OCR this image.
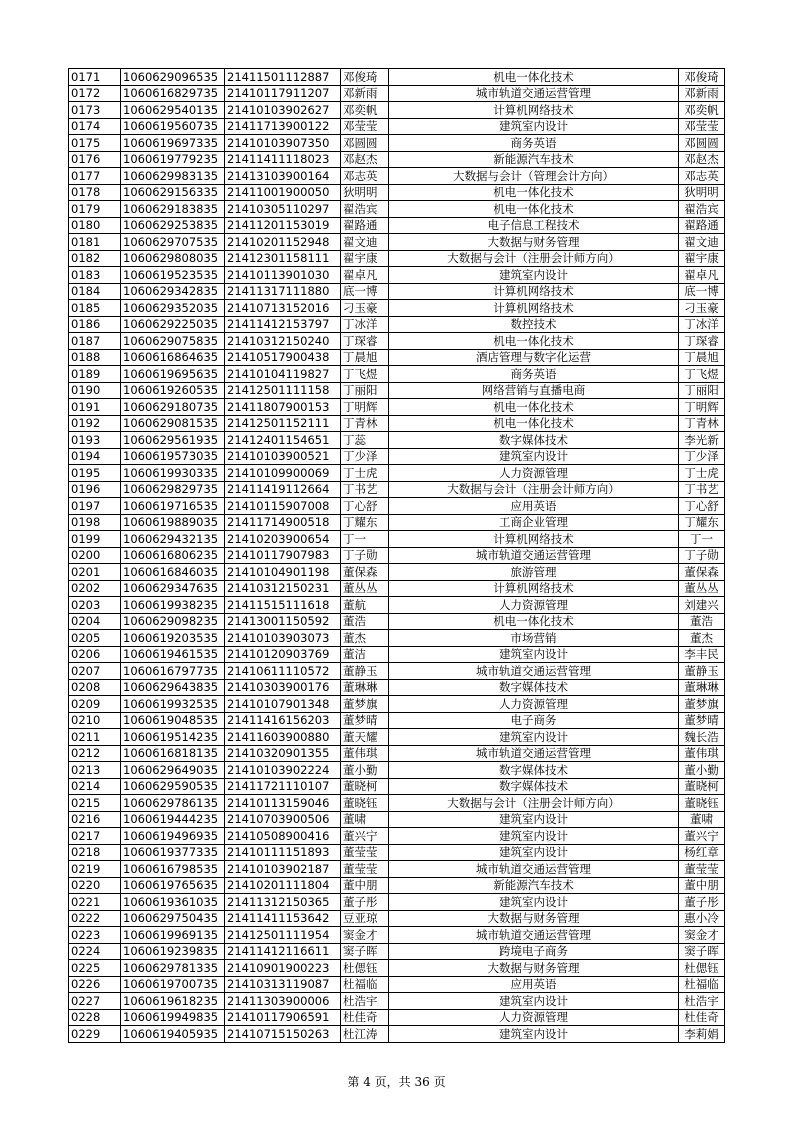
0171	1060629096535	21411501112887	邓俊琦	机电一体化技术	邓俊琦
0172	1060616829735	21410117911207	邓新雨	城市轨道交通运营管理	邓新雨
0173	1060629540135	21410103902627	邓奕帆	计算机网络技术	邓奕帆
0174	1060619560735	21411713900122	邓莹莹	建筑室内设计	邓莹莹
0175	1060619697335	21410103907350	邓圆圆	商务英语	邓圆圆
0176	1060619779235	21411411118023	邓赵杰	新能源汽车技术	邓赵杰
0177	1060629983135	21413103900164	邓志英	大数据与会计（管理会计方向）	邓志英
0178	1060629156335	21411001900050	狄明明	机电一体化技术	狄明明
0179	1060629183835	21410305110297	翟浩宾	机电一体化技术	翟浩宾
0180	1060629253835	21411201153019	翟路通	电子信息工程技术	翟路通
0181	1060629707535	21410201152948	翟文迪	大数据与财务管理	翟文迪
0182	1060629808035	21412301158111	翟宇康	大数据与会计（注册会计师方向）	翟宇康
0183	1060619523535	21410113901030	翟卓凡	建筑室内设计	翟卓凡
0184	1060629342835	21411317111880	底一博	计算机网络技术	底一博
0185	1060629352035	21410713152016	刁玉豪	计算机网络技术	刁玉豪
0186	1060629225035	21411412153797	丁冰洋	数控技术	丁冰洋
0187	1060629075835	21410312150240	丁琛睿	机电一体化技术	丁琛睿
0188	1060616864635	21410517900438	丁晨旭	酒店管理与数字化运营	丁晨旭
0189	1060619695635	21410104119827	丁飞煜	商务英语	丁飞煜
0190	1060619260535	21412501111158	丁丽阳	网络营销与直播电商	丁丽阳
0191	1060629180735	21411807900153	丁明辉	机电一体化技术	丁明辉
0192	1060629081535	21412501152111	丁青林	机电一体化技术	丁青林
0193	1060629561935	21412401154651	丁蕊	数字媒体技术	李光新
0194	1060619573035	21410103900521	丁少泽	建筑室内设计	丁少泽
0195	1060619930335	21410109900069	丁士虎	人力资源管理	丁士虎
0196	1060629829735	21411419112664	丁书艺	大数据与会计（注册会计师方向）	丁书艺
0197	1060619716535	21410115907008	丁心舒	应用英语	丁心舒
0198	1060619889035	21411714900518	丁耀东	工商企业管理	丁耀东
0199	1060629432135	21410203900654	丁一	计算机网络技术	丁一
0200	1060616806235	21410117907983	丁子勋	城市轨道交通运营管理	丁子勋
0201	1060616846035	21410104901198	董保森	旅游管理	董保森
0202	1060629347635	21410312150231	董丛丛	计算机网络技术	董丛丛
0203	1060619938235	21411515111618	董航	人力资源管理	刘建兴
0204	1060629098235	21413001150592	董浩	机电一体化技术	董浩
0205	1060619203535	21410103903073	董杰	市场营销	董杰
0206	1060619461535	21410120903769	董洁	建筑室内设计	李丰民
0207	1060616797735	21410611110572	董静玉	城市轨道交通运营管理	董静玉
0208	1060629643835	21410303900176	董琳琳	数字媒体技术	董琳琳
0209	1060619932535	21410107901348	董梦旗	人力资源管理	董梦旗
0210	1060619048535	21411416156203	董梦晴	电子商务	董梦晴
0211	1060619514235	21411603900880	董天耀	建筑室内设计	魏长浩
0212	1060616818135	21410320901355	董伟琪	城市轨道交通运营管理	董伟琪
0213	1060629649035	21410103902224	董小勤	数字媒体技术	董小勤
0214	1060629590535	21411721110107	董晓柯	数字媒体技术	董晓柯
0215	1060629786135	21410113159046	董晓钰	大数据与会计（注册会计师方向）	董晓钰
0216	1060619444235	21410703900506	董啸	建筑室内设计	董啸
0217	1060619496935	21410508900416	董兴宁	建筑室内设计	董兴宁
0218	1060619377335	21410111151893	董莹莹	建筑室内设计	杨红章
0219	1060616798535	21410103902187	董莹莹	城市轨道交通运营管理	董莹莹
0220	1060619765635	21410201111804	董中朋	新能源汽车技术	董中朋
0221	1060619361035	21411312150365	董子彤	建筑室内设计	董子彤
0222	1060629750435	21411411153642	豆亚琼	大数据与财务管理	惠小冷
0223	1060619969135	21412501111954	窦金才	城市轨道交通运营管理	窦金才
0224	1060619239835	21411412116611	窦子晖	跨境电子商务	窦子晖
0225	1060629781335	21410901900223	杜偲钰	大数据与财务管理	杜偲钰
0226	1060619700735	21410313119087	杜福临	应用英语	杜福临
0227	1060619618235	21411303900006	杜浩宇	建筑室内设计	杜浩宇
0228	1060619949835	21410117906591	杜佳奇	人力资源管理	杜佳奇
0229	1060619405935	21410715150263	杜江涛	建筑室内设计	李莉娟
第 4 页，共 36 页
